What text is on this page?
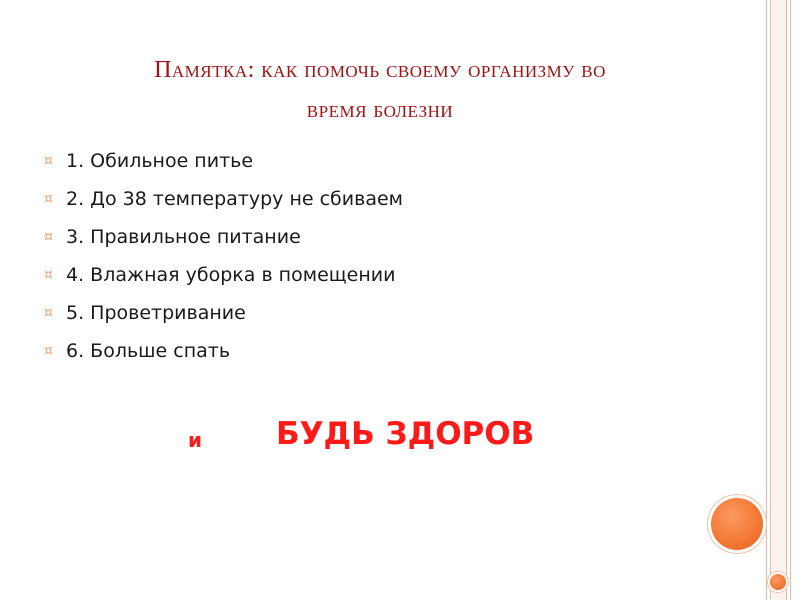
Памятка: как помочь своему организму во
время болезни
¤ 1. Обильное питье
¤ 2. До 38 температуру не сбиваем
¤ 3. Правильное питание
¤ 4. Влажная уборка в помещении
¤ 5. Проветривание
¤ 6. Больше спать
и БУДЬ ЗДОРОВ
